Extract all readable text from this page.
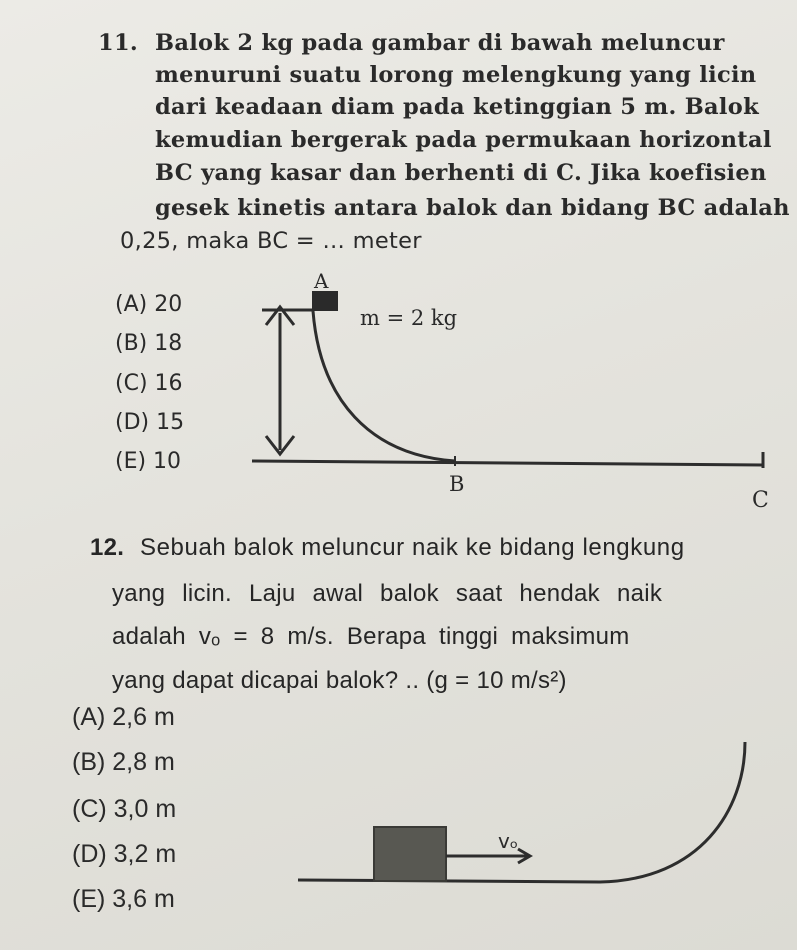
11. Balok 2 kg pada gambar di bawah meluncur
menuruni suatu lorong melengkung yang licin
dari keadaan diam pada ketinggian 5 m. Balok
kemudian bergerak pada permukaan horizontal
BC yang kasar dan berhenti di C. Jika koefisien
gesek kinetis antara balok dan bidang BC adalah
0,25, maka BC = … meter
(A) 20
(B) 18
(C) 16
(D) 15
(E) 10
A
m = 2 kg
B
C
12. Sebuah balok meluncur naik ke bidang lengkung
yang licin. Laju awal balok saat hendak naik
adalah vₒ = 8 m/s. Berapa tinggi maksimum
yang dapat dicapai balok? .. (g = 10 m/s²)
(A) 2,6 m
(B) 2,8 m
(C) 3,0 m
(D) 3,2 m
(E) 3,6 m
vₒ
